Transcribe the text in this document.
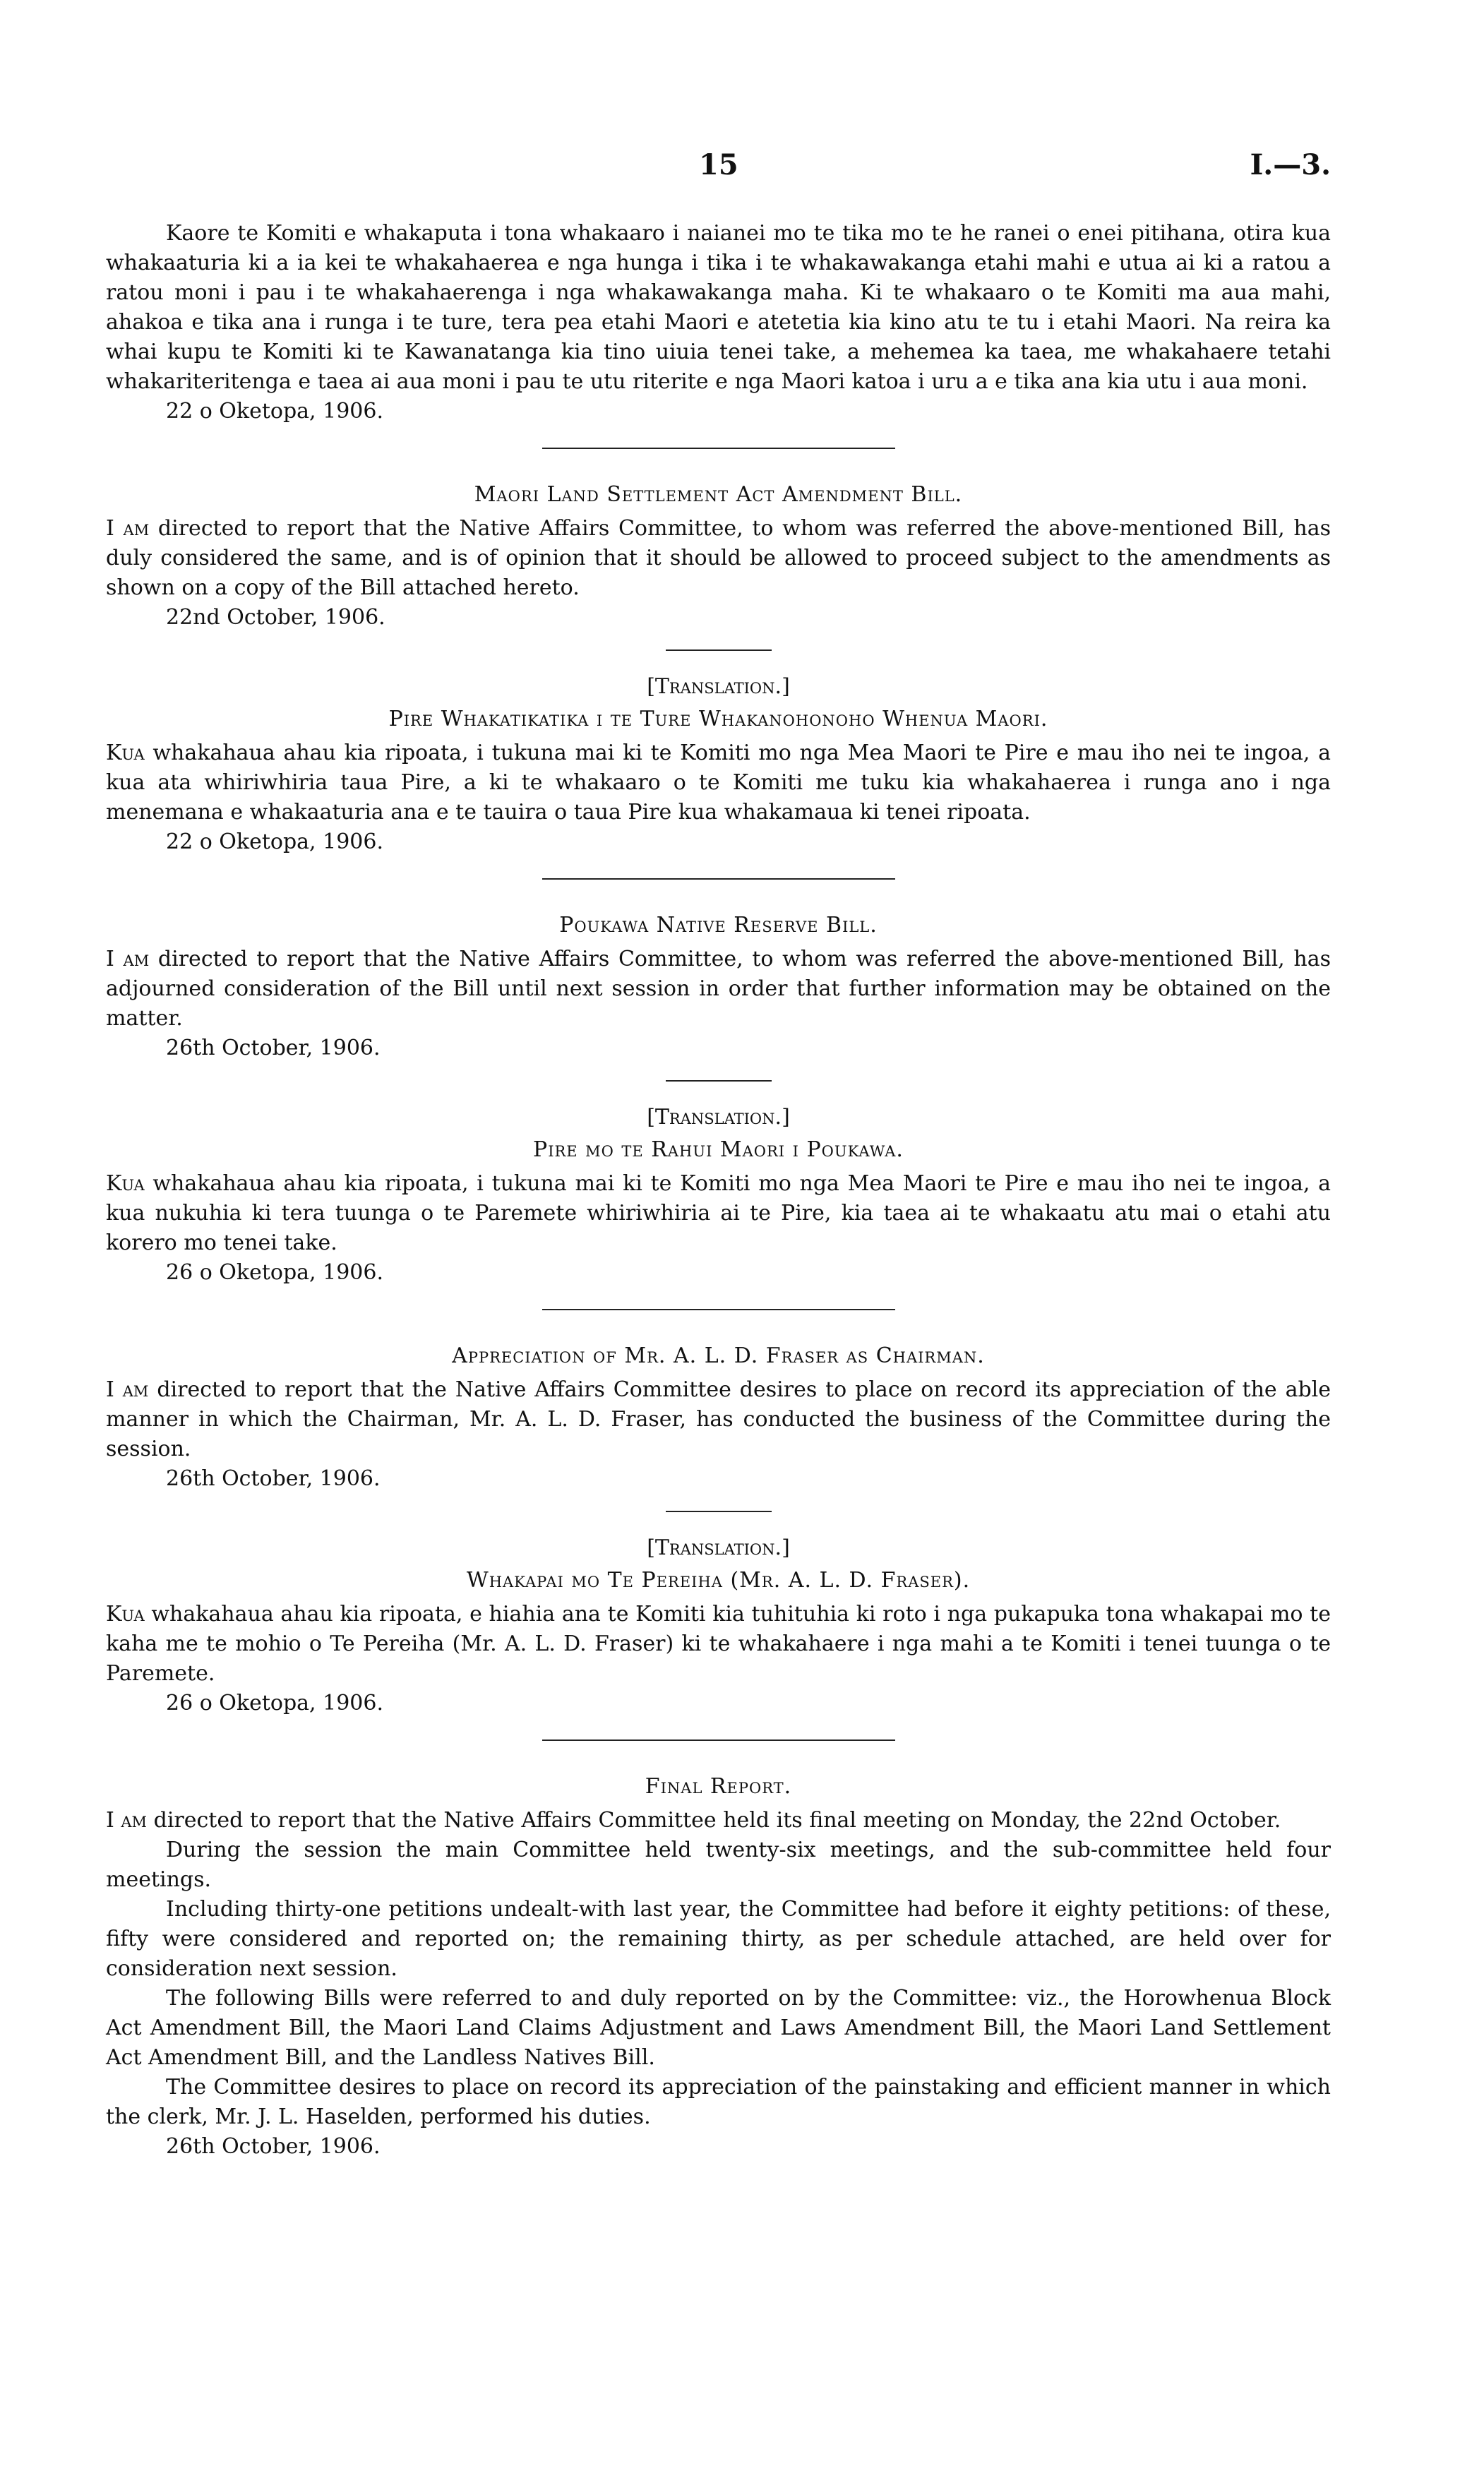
15	I.—3.

Kaore te Komiti e whakaputa i tona whakaaro i naianei mo te tika mo te he ranei o enei pitihana, otira kua whakaaturia ki a ia kei te whakahaerea e nga hunga i tika i te whakawakanga etahi mahi e utua ai ki a ratou a ratou moni i pau i te whakahaerenga i nga whakawakanga maha. Ki te whakaaro o te Komiti ma aua mahi, ahakoa e tika ana i runga i te ture, tera pea etahi Maori e atetetia kia kino atu te tu i etahi Maori. Na reira ka whai kupu te Komiti ki te Kawanatanga kia tino uiuia tenei take, a mehemea ka taea, me whakahaere tetahi whakariteritenga e taea ai aua moni i pau te utu riterite e nga Maori katoa i uru a e tika ana kia utu i aua moni.

22 o Oketopa, 1906.

Maori Land Settlement Act Amendment Bill.

I am directed to report that the Native Affairs Committee, to whom was referred the above-mentioned Bill, has duly considered the same, and is of opinion that it should be allowed to proceed subject to the amendments as shown on a copy of the Bill attached hereto.

22nd October, 1906.

[Translation.]

Pire Whakatikatika i te Ture Whakanohonoho Whenua Maori.

Kua whakahaua ahau kia ripoata, i tukuna mai ki te Komiti mo nga Mea Maori te Pire e mau iho nei te ingoa, a kua ata whiriwhiria taua Pire, a ki te whakaaro o te Komiti me tuku kia whakahaerea i runga ano i nga menemana e whakaaturia ana e te tauira o taua Pire kua whakamaua ki tenei ripoata.

22 o Oketopa, 1906.

Poukawa Native Reserve Bill.

I am directed to report that the Native Affairs Committee, to whom was referred the above-mentioned Bill, has adjourned consideration of the Bill until next session in order that further information may be obtained on the matter.

26th October, 1906.

[Translation.]

Pire mo te Rahui Maori i Poukawa.

Kua whakahaua ahau kia ripoata, i tukuna mai ki te Komiti mo nga Mea Maori te Pire e mau iho nei te ingoa, a kua nukuhia ki tera tuunga o te Paremete whiriwhiria ai te Pire, kia taea ai te whakaatu atu mai o etahi atu korero mo tenei take.

26 o Oketopa, 1906.

Appreciation of Mr. A. L. D. Fraser as Chairman.

I am directed to report that the Native Affairs Committee desires to place on record its appreciation of the able manner in which the Chairman, Mr. A. L. D. Fraser, has conducted the business of the Committee during the session.

26th October, 1906.

[Translation.]

Whakapai mo Te Pereiha (Mr. A. L. D. Fraser).

Kua whakahaua ahau kia ripoata, e hiahia ana te Komiti kia tuhituhia ki roto i nga pukapuka tona whakapai mo te kaha me te mohio o Te Pereiha (Mr. A. L. D. Fraser) ki te whakahaere i nga mahi a te Komiti i tenei tuunga o te Paremete.

26 o Oketopa, 1906.

Final Report.

I am directed to report that the Native Affairs Committee held its final meeting on Monday, the 22nd October.

During the session the main Committee held twenty-six meetings, and the sub-committee held four meetings.

Including thirty-one petitions undealt-with last year, the Committee had before it eighty petitions: of these, fifty were considered and reported on; the remaining thirty, as per schedule attached, are held over for consideration next session.

The following Bills were referred to and duly reported on by the Committee: viz., the Horowhenua Block Act Amendment Bill, the Maori Land Claims Adjustment and Laws Amendment Bill, the Maori Land Settlement Act Amendment Bill, and the Landless Natives Bill.

The Committee desires to place on record its appreciation of the painstaking and efficient manner in which the clerk, Mr. J. L. Haselden, performed his duties.

26th October, 1906.
